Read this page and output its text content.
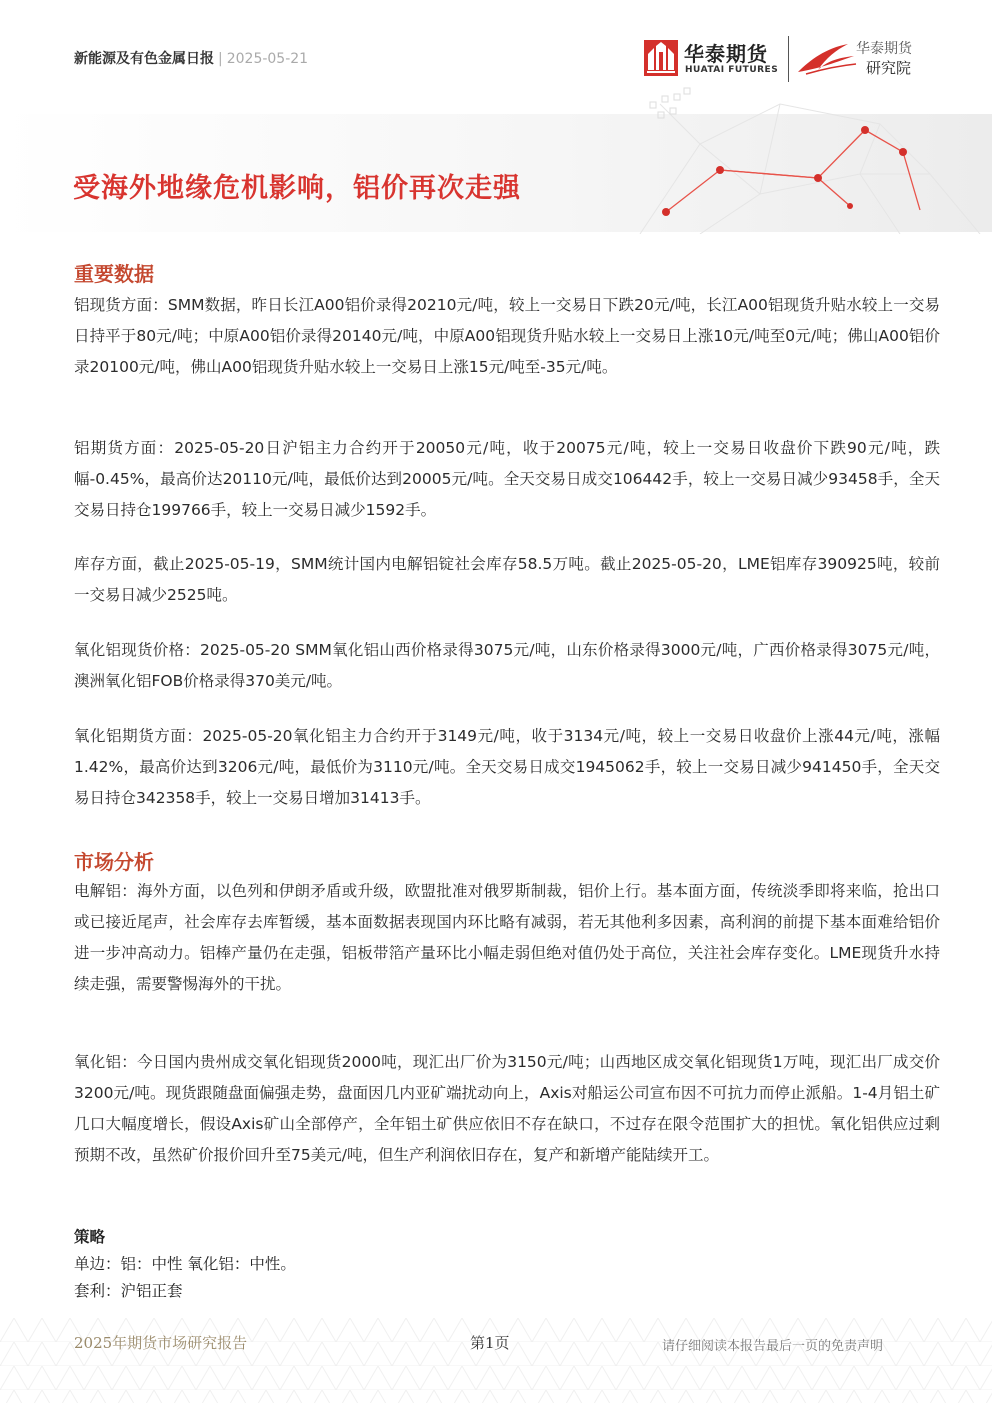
新能源及有色金属日报 | 2025-05-21	华泰期货
HUATAI FUTURES
华泰期货
研究院
受海外地缘危机影响，铝价再次走强
重要数据
铝现货方面：SMM数据，昨日长江A00铝价录得20210元/吨，较上一交易日下跌20元/吨，长江A00铝现货升贴水较上一交易日持平于80元/吨；中原A00铝价录得20140元/吨，中原A00铝现货升贴水较上一交易日上涨10元/吨至0元/吨；佛山A00铝价录20100元/吨，佛山A00铝现货升贴水较上一交易日上涨15元/吨至-35元/吨。
铝期货方面：2025-05-20日沪铝主力合约开于20050元/吨，收于20075元/吨，较上一交易日收盘价下跌90元/吨，跌幅-0.45%，最高价达20110元/吨，最低价达到20005元/吨。全天交易日成交106442手，较上一交易日减少93458手，全天交易日持仓199766手，较上一交易日减少1592手。
库存方面，截止2025-05-19，SMM统计国内电解铝锭社会库存58.5万吨。截止2025-05-20，LME铝库存390925吨，较前一交易日减少2525吨。
氧化铝现货价格：2025-05-20 SMM氧化铝山西价格录得3075元/吨，山东价格录得3000元/吨，广西价格录得3075元/吨，澳洲氧化铝FOB价格录得370美元/吨。
氧化铝期货方面：2025-05-20氧化铝主力合约开于3149元/吨，收于3134元/吨，较上一交易日收盘价上涨44元/吨，涨幅1.42%，最高价达到3206元/吨，最低价为3110元/吨。全天交易日成交1945062手，较上一交易日减少941450手，全天交易日持仓342358手，较上一交易日增加31413手。
市场分析
电解铝：海外方面，以色列和伊朗矛盾或升级，欧盟批准对俄罗斯制裁，铝价上行。基本面方面，传统淡季即将来临，抢出口或已接近尾声，社会库存去库暂缓，基本面数据表现国内环比略有减弱，若无其他利多因素，高利润的前提下基本面难给铝价进一步冲高动力。铝棒产量仍在走强，铝板带箔产量环比小幅走弱但绝对值仍处于高位，关注社会库存变化。LME现货升水持续走强，需要警惕海外的干扰。
氧化铝：今日国内贵州成交氧化铝现货2000吨，现汇出厂价为3150元/吨；山西地区成交氧化铝现货1万吨，现汇出厂成交价3200元/吨。现货跟随盘面偏强走势，盘面因几内亚矿端扰动向上，Axis对船运公司宣布因不可抗力而停止派船。1-4月铝土矿几口大幅度增长，假设Axis矿山全部停产，全年铝土矿供应依旧不存在缺口，不过存在限令范围扩大的担忧。氧化铝供应过剩预期不改，虽然矿价报价回升至75美元/吨，但生产利润依旧存在，复产和新增产能陆续开工。
策略
单边：铝：中性 氧化铝：中性。
套利：沪铝正套
2025年期货市场研究报告	第1页	请仔细阅读本报告最后一页的免责声明
